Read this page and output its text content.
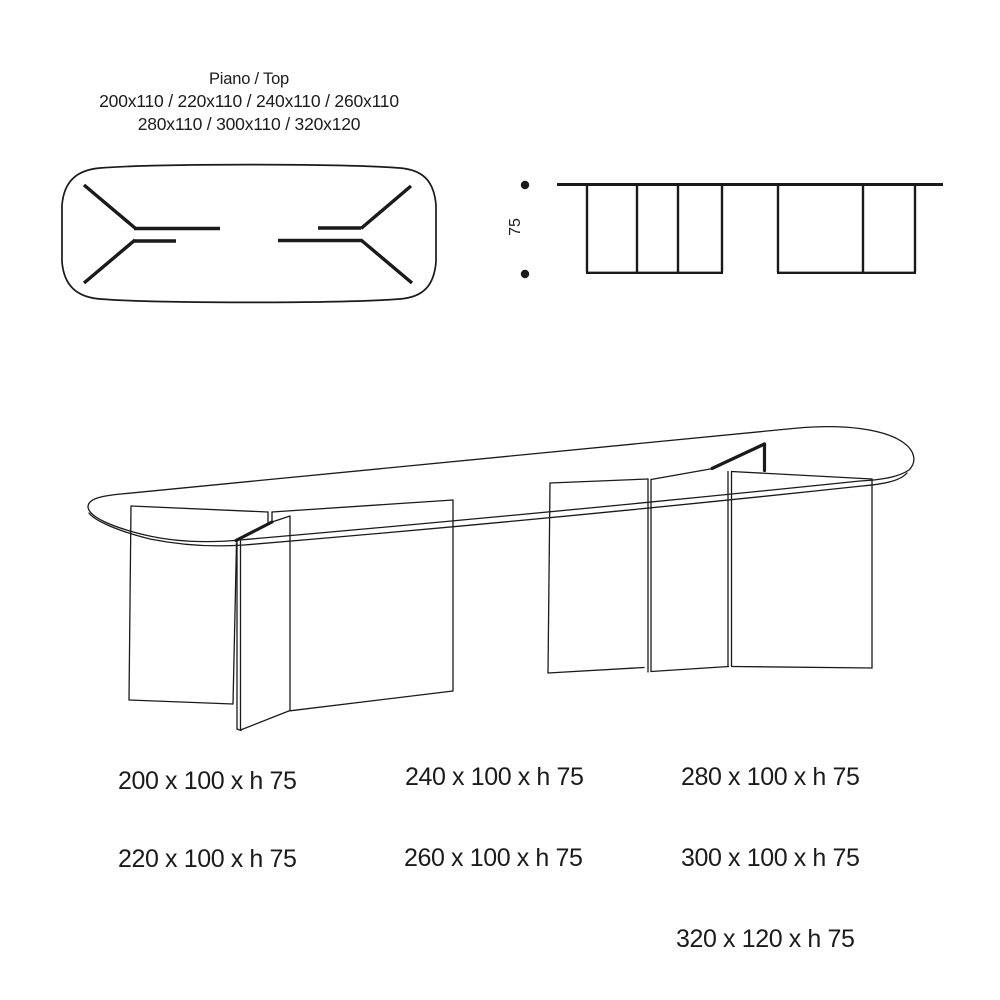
Piano / Top
200x110 / 220x110 / 240x110 / 260x110
280x110 / 300x110 / 320x120
75
200 x 100 x h 75	240 x 100 x h 75	280 x 100 x h 75
220 x 100 x h 75	260 x 100 x h 75	300 x 100 x h 75
320 x 120 x h 75
